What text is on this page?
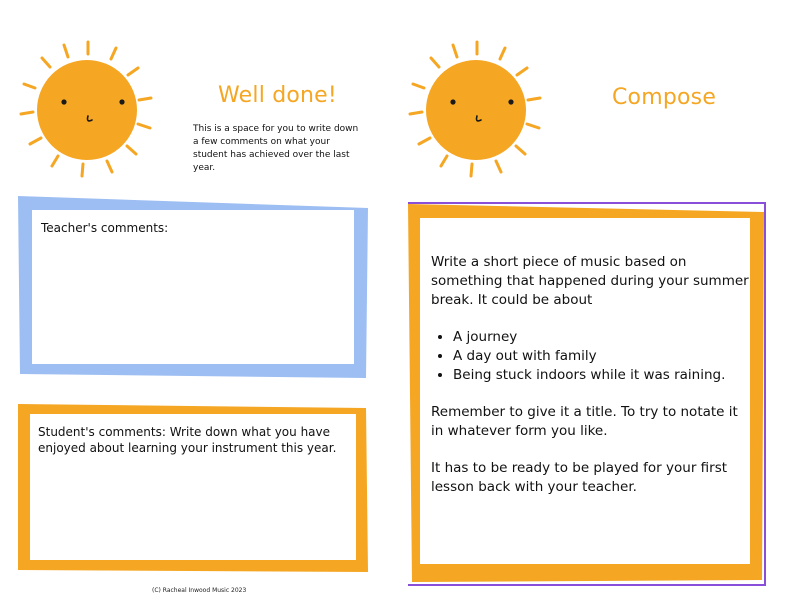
Well done!
This is a space for you to write down a few comments on what your student has achieved over the last year.
Teacher's comments:
Student's comments: Write down what you have enjoyed about learning your instrument this year.
(C) Racheal Inwood Music 2023
Compose

Write a short piece of music based on something that happened during your summer break. It could be about

• A journey
• A day out with family
• Being stuck indoors while it was raining.

Remember to give it a title. To try to notate it in whatever form you like.

It has to be ready to be played for your first lesson back with your teacher.
